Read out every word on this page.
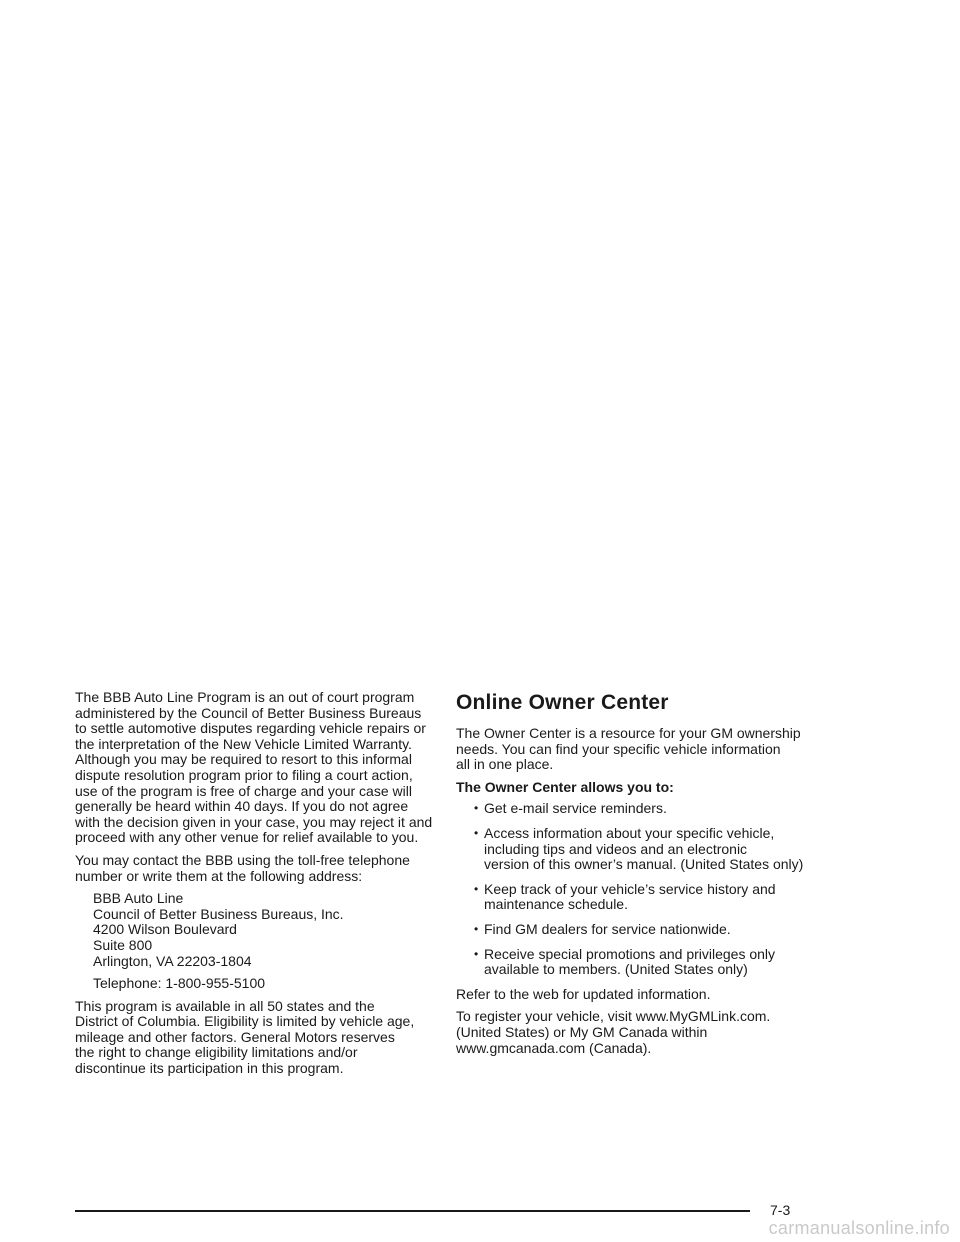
The BBB Auto Line Program is an out of court program
administered by the Council of Better Business Bureaus
to settle automotive disputes regarding vehicle repairs or
the interpretation of the New Vehicle Limited Warranty.
Although you may be required to resort to this informal
dispute resolution program prior to filing a court action,
use of the program is free of charge and your case will
generally be heard within 40 days. If you do not agree
with the decision given in your case, you may reject it and
proceed with any other venue for relief available to you.

You may contact the BBB using the toll-free telephone
number or write them at the following address:

BBB Auto Line
Council of Better Business Bureaus, Inc.
4200 Wilson Boulevard
Suite 800
Arlington, VA 22203-1804

Telephone: 1-800-955-5100

This program is available in all 50 states and the
District of Columbia. Eligibility is limited by vehicle age,
mileage and other factors. General Motors reserves
the right to change eligibility limitations and/or
discontinue its participation in this program.

Online Owner Center

The Owner Center is a resource for your GM ownership
needs. You can find your specific vehicle information
all in one place.

The Owner Center allows you to:

• Get e-mail service reminders.
• Access information about your specific vehicle,
including tips and videos and an electronic
version of this owner’s manual. (United States only)
• Keep track of your vehicle’s service history and
maintenance schedule.
• Find GM dealers for service nationwide.
• Receive special promotions and privileges only
available to members. (United States only)

Refer to the web for updated information.

To register your vehicle, visit www.MyGMLink.com.
(United States) or My GM Canada within
www.gmcanada.com (Canada).

7-3
carmanualsonline.info
